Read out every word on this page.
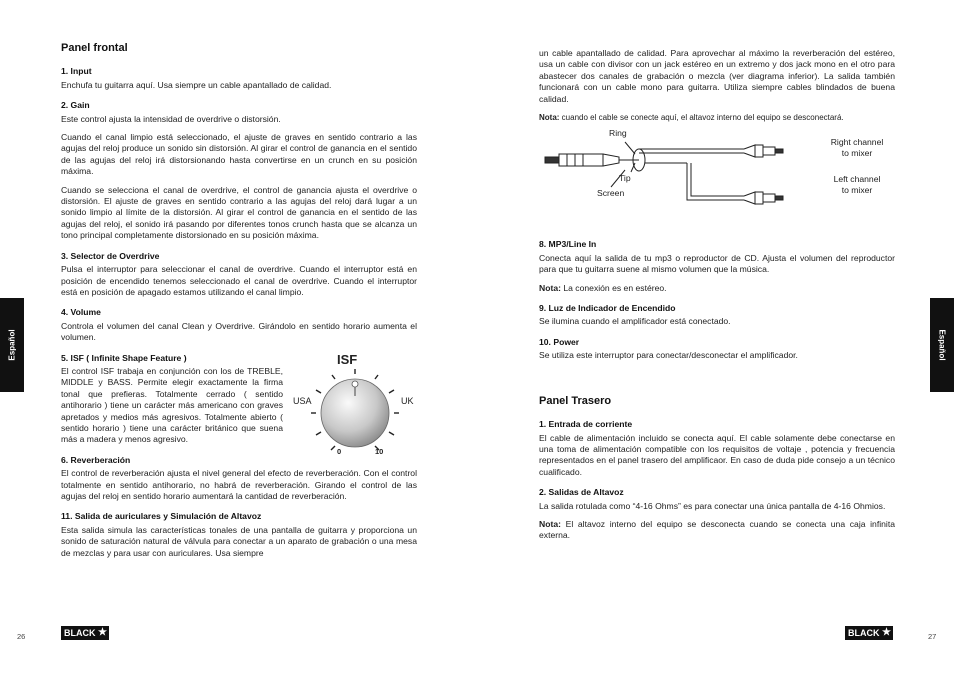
Español	Español
Panel frontal
1. Input

Enchufa tu guitarra aquí. Usa siempre un cable apantallado de calidad.

2. Gain

Este control ajusta la intensidad de overdrive o distorsión.

Cuando el canal limpio está seleccionado, el ajuste de graves en sentido contrario a las agujas del reloj produce un sonido sin distorsión. Al girar el control de ganancia en el sentido de las agujas del reloj irá distorsionando hasta convertirse en un crunch en su posición máxima.

Cuando se selecciona el canal de overdrive, el control de ganancia ajusta el overdrive o distorsión. El ajuste de graves en sentido contrario a las agujas del reloj dará lugar a un sonido limpio al límite de la distorsión. Al girar el control de ganancia en el sentido de las agujas del reloj, el sonido irá pasando por diferentes tonos crunch hasta que se alcanza un tono principal completamente distorsionado en su posición máxima.

3. Selector de Overdrive

Pulsa el interruptor para seleccionar el canal de overdrive. Cuando el interruptor está en posición de encendido tenemos seleccionado el canal de overdrive. Cuando el interruptor está en posición de apagado estamos utilizando el canal limpio.

4. Volume

Controla el volumen del canal Clean y Overdrive. Girándolo en sentido horario aumenta el volumen.

5. ISF ( Infinite Shape Feature )

El control ISF trabaja en conjunción con los de TREBLE, MIDDLE y BASS. Permite elegir exactamente la firma tonal que prefieras. Totalmente cerrado ( sentido antihorario ) tiene un carácter más americano con graves apretados y medios más agresivos. Totalmente abierto ( sentido horario ) tiene una carácter británico que suena más a madera y menos agresivo.

ISF
USA	UK
0	10
6. Reverberación

El control de reverberación ajusta el nivel general del efecto de reverberación. Con el control totalmente en sentido antihorario, no habrá de reverberación. Girando el control de las agujas del reloj en sentido horario aumentará la cantidad de reverberación.

11. Salida de auriculares y Simulación de Altavoz

Esta salida simula las características tonales de una pantalla de guitarra y proporciona un sonido de saturación natural de válvula para conectar a un aparato de grabación o una mesa de mezclas y para usar con auriculares. Usa siempre

un cable apantallado de calidad. Para aprovechar al máximo la reverberación del estéreo, usa un cable con divisor con un jack estéreo en un extremo y dos jack mono en el otro para abastecer dos canales de grabación o mezcla (ver diagrama inferior). La salida también funcionará con un cable mono para guitarra. Utiliza siempre cables blindados de buena calidad.

Nota: cuando el cable se conecte aquí, el altavoz interno del equipo se desconectará.

Ring
Tip
Screen
Right channel
to mixer
Left channel
to mixer
8. MP3/Line In

Conecta aquí la salida de tu mp3 o reproductor de CD. Ajusta el volumen del reproductor para que tu guitarra suene al mismo volumen que la música.

Nota: La conexión es en estéreo.

9. Luz de Indicador de Encendido

Se ilumina cuando el amplificador está conectado.

10. Power

Se utiliza este interruptor para conectar/desconectar el amplificador.

Panel Trasero
1. Entrada de corriente

El cable de alimentación incluido se conecta aquí. El cable solamente debe conectarse en una toma de alimentación compatible con los requisitos de voltaje , potencia y frecuencia representados en el panel trasero del amplificaor. En caso de duda pide consejo a un técnico cualificado.

2. Salidas de Altavoz

La salida rotulada como “4-16 Ohms” es para conectar una única pantalla de 4-16 Ohmios.

Nota: El altavoz interno del equipo se desconecta cuando se conecta una caja infinita externa.

26	BLACK ★	BLACK ★	27
